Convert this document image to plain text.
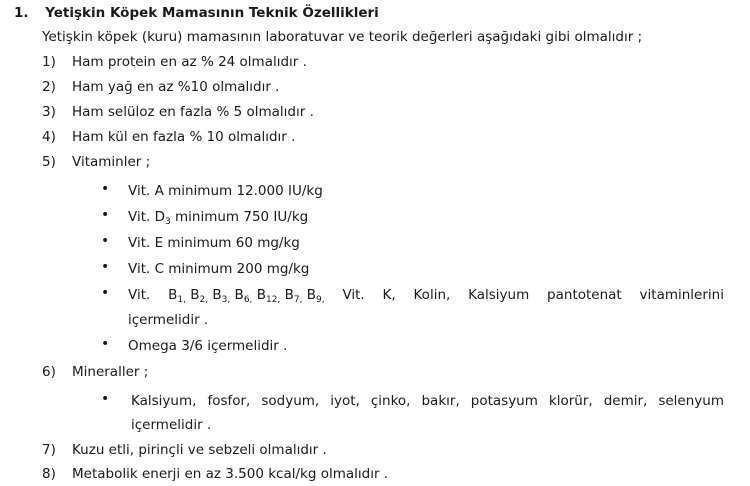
1. Yetişkin Köpek Mamasının Teknik Özellikleri
Yetişkin köpek (kuru) mamasının laboratuvar ve teorik değerleri aşağıdaki gibi olmalıdır ;
1) Ham protein en az % 24 olmalıdır .
2) Ham yağ en az %10 olmalıdır .
3) Ham selüloz en fazla % 5 olmalıdır .
4) Ham kül en fazla % 10 olmalıdır .
5) Vitaminler ;
• Vit. A minimum 12.000 IU/kg
• Vit. $D_3$ minimum 750 IU/kg
• Vit. E minimum 60 mg/kg
• Vit. C minimum 200 mg/kg
• Vit. $B_{1,}$ $B_{2,}$ $B_{3,}$ $B_{6,}$ $B_{12,}$ $B_{7,}$ $B_{9,}$ Vit. K, Kolin, Kalsiyum pantotenat vitaminlerini
içermelidir .
• Omega 3/6 içermelidir .
6) Mineraller ;
• Kalsiyum, fosfor, sodyum, iyot, çinko, bakır, potasyum klorür, demir, selenyum
içermelidir .
7) Kuzu etli, pirinçli ve sebzeli olmalıdır .
8) Metabolik enerji en az 3.500 kcal/kg olmalıdır .
